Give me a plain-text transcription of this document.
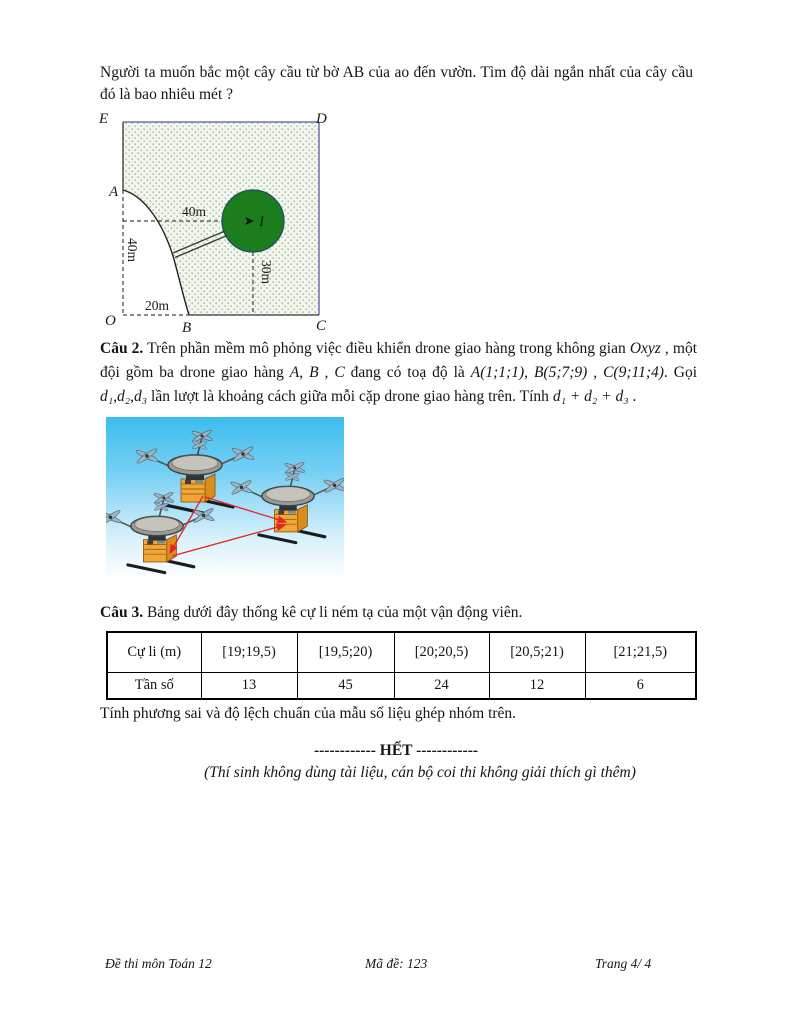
Người ta muốn bắc một cây cầu từ bờ AB của ao đến vườn. Tìm độ dài ngắn nhất của cây cầu đó là bao nhiêu mét ?

E	D
A
O	B	C
I
40m
40m
30m
20m

Câu 2. Trên phần mềm mô phỏng việc điều khiển drone giao hàng trong không gian Oxyz , một đội gồm ba drone giao hàng A, B , C đang có toạ độ là A(1;1;1), B(5;7;9) , C(9;11;4). Gọi d₁,d₂,d₃ lần lượt là khoảng cách giữa mỗi cặp drone giao hàng trên. Tính d₁ + d₂ + d₃ .

Câu 3. Bảng dưới đây thống kê cự li ném tạ của một vận động viên.

Cự li (m)	[19;19,5)	[19,5;20)	[20;20,5)	[20,5;21)	[21;21,5)
Tần số	13	45	24	12	6

Tính phương sai và độ lệch chuẩn của mẫu số liệu ghép nhóm trên.

------------ HẾT ------------

(Thí sinh không dùng tài liệu, cán bộ coi thi không giải thích gì thêm)

Đề thi môn Toán 12	Mã đề: 123	Trang 4/ 4
